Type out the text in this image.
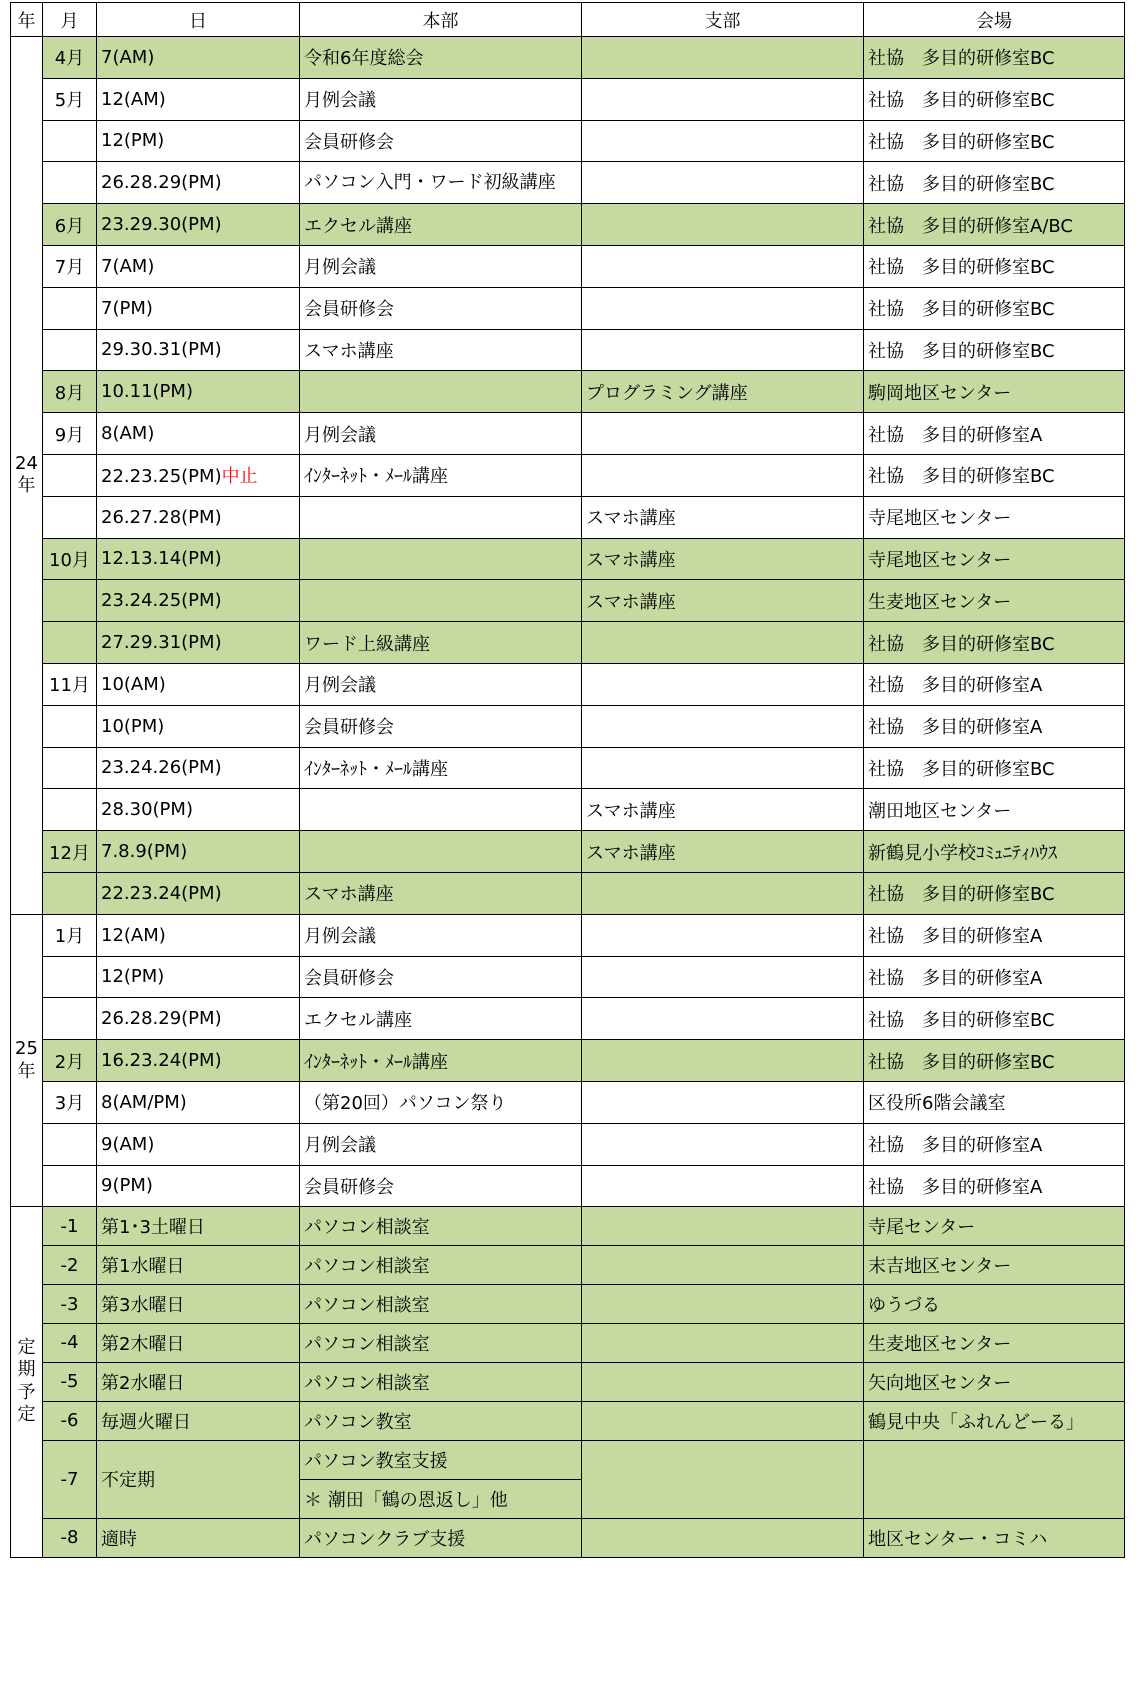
年	月	日	本部	支部	会場
24
年	4月	7(AM)	令和6年度総会		社協　多目的研修室BC
	5月	12(AM)	月例会議		社協　多目的研修室BC
		12(PM)	会員研修会		社協　多目的研修室BC
		26.28.29(PM)	パソコン入門・ワード初級講座		社協　多目的研修室BC
	6月	23.29.30(PM)	エクセル講座		社協　多目的研修室A/BC
	7月	7(AM)	月例会議		社協　多目的研修室BC
		7(PM)	会員研修会		社協　多目的研修室BC
		29.30.31(PM)	スマホ講座		社協　多目的研修室BC
	8月	10.11(PM)		プログラミング講座	駒岡地区センター
	9月	8(AM)	月例会議		社協　多目的研修室A
		22.23.25(PM)中止	ｲﾝﾀｰﾈｯﾄ・ﾒｰﾙ講座		社協　多目的研修室BC
		26.27.28(PM)		スマホ講座	寺尾地区センター
	10月	12.13.14(PM)		スマホ講座	寺尾地区センター
		23.24.25(PM)		スマホ講座	生麦地区センター
		27.29.31(PM)	ワード上級講座		社協　多目的研修室BC
	11月	10(AM)	月例会議		社協　多目的研修室A
		10(PM)	会員研修会		社協　多目的研修室A
		23.24.26(PM)	ｲﾝﾀｰﾈｯﾄ・ﾒｰﾙ講座		社協　多目的研修室BC
		28.30(PM)		スマホ講座	潮田地区センター
	12月	7.8.9(PM)		スマホ講座	新鶴見小学校ｺﾐｭﾆﾃｨﾊｳｽ
		22.23.24(PM)	スマホ講座		社協　多目的研修室BC
25
年	1月	12(AM)	月例会議		社協　多目的研修室A
		12(PM)	会員研修会		社協　多目的研修室A
		26.28.29(PM)	エクセル講座		社協　多目的研修室BC
	2月	16.23.24(PM)	ｲﾝﾀｰﾈｯﾄ・ﾒｰﾙ講座		社協　多目的研修室BC
	3月	8(AM/PM)	（第20回）パソコン祭り		区役所6階会議室
		9(AM)	月例会議		社協　多目的研修室A
		9(PM)	会員研修会		社協　多目的研修室A
定
期
予
定	-1	第1･3土曜日	パソコン相談室		寺尾センター
	-2	第1水曜日	パソコン相談室		末吉地区センター
	-3	第3水曜日	パソコン相談室		ゆうづる
	-4	第2木曜日	パソコン相談室		生麦地区センター
	-5	第2水曜日	パソコン相談室		矢向地区センター
	-6	毎週火曜日	パソコン教室		鶴見中央「ふれんどーる」
	-7	不定期	パソコン教室支援		
			＊ 潮田「鶴の恩返し」他		
	-8	適時	パソコンクラブ支援		地区センター・コミハ
